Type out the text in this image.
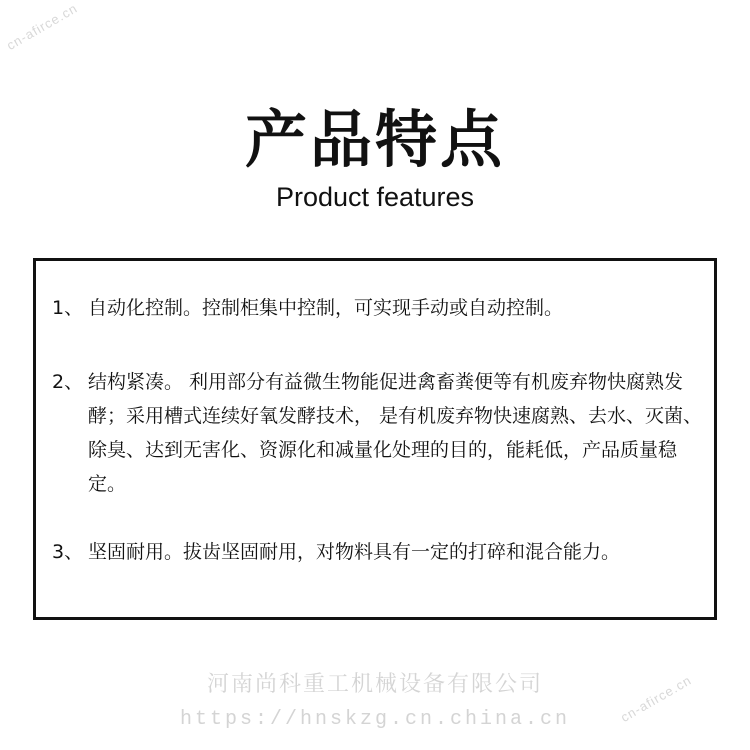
cn-afirce.cn
产品特点
Product features
1、 自动化控制。控制柜集中控制，可实现手动或自动控制。
2、 结构紧凑。 利用部分有益微生物能促进禽畜粪便等有机废弃物快腐熟发酵；采用槽式连续好氧发酵技术， 是有机废弃物快速腐熟、去水、灭菌、除臭、达到无害化、资源化和减量化处理的目的，能耗低，产品质量稳定。
3、 坚固耐用。拔齿坚固耐用，对物料具有一定的打碎和混合能力。
河南尚科重工机械设备有限公司
https://hnskzg.cn.china.cn	cn-afirce.cn
